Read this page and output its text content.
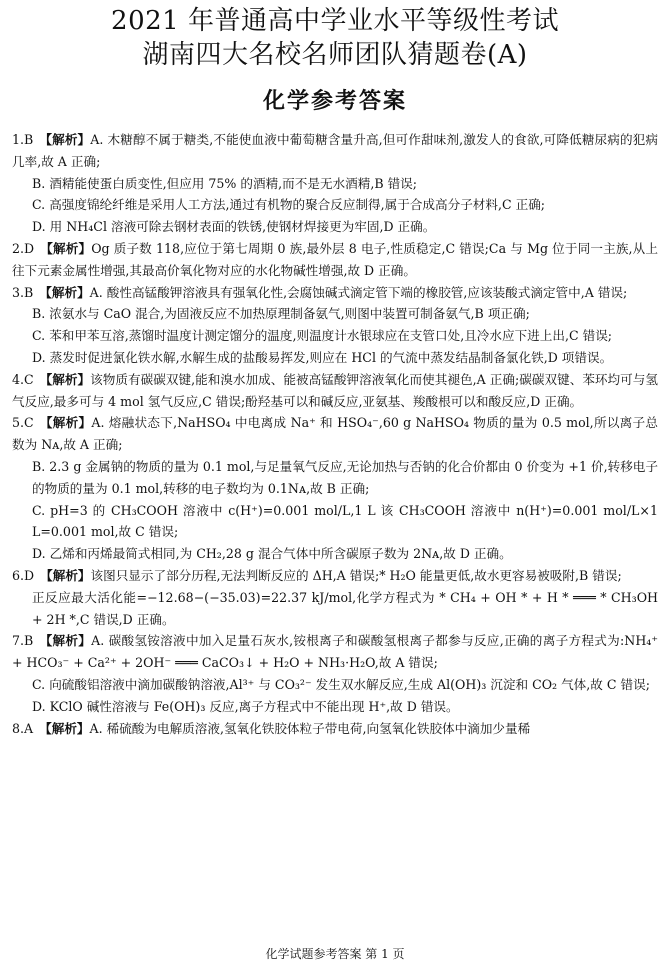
2021 年普通高中学业水平等级性考试
湖南四大名校名师团队猜题卷(A)
化学参考答案

1.B 【解析】A. 木糖醇不属于糖类,不能使血液中葡萄糖含量升高,但可作甜味剂,激发人的食欲,可降低糖尿病的犯病几率,故 A 正确;

B. 酒精能使蛋白质变性,但应用 75% 的酒精,而不是无水酒精,B 错误;

C. 高强度锦纶纤维是采用人工方法,通过有机物的聚合反应制得,属于合成高分子材料,C 正确;

D. 用 NH₄Cl 溶液可除去钢材表面的铁锈,使钢材焊接更为牢固,D 正确。

2.D 【解析】Og 质子数 118,应位于第七周期 0 族,最外层 8 电子,性质稳定,C 错误;Ca 与 Mg 位于同一主族,从上往下元素金属性增强,其最高价氧化物对应的水化物碱性增强,故 D 正确。

3.B 【解析】A. 酸性高锰酸钾溶液具有强氧化性,会腐蚀碱式滴定管下端的橡胶管,应该装酸式滴定管中,A 错误;

B. 浓氨水与 CaO 混合,为固液反应不加热原理制备氨气,则图中装置可制备氨气,B 项正确;

C. 苯和甲苯互溶,蒸馏时温度计测定馏分的温度,则温度计水银球应在支管口处,且冷水应下进上出,C 错误;

D. 蒸发时促进氯化铁水解,水解生成的盐酸易挥发,则应在 HCl 的气流中蒸发结晶制备氯化铁,D 项错误。

4.C 【解析】该物质有碳碳双键,能和溴水加成、能被高锰酸钾溶液氧化而使其褪色,A 正确;碳碳双键、苯环均可与氢气反应,最多可与 4 mol 氢气反应,C 错误;酚羟基可以和碱反应,亚氨基、羧酸根可以和酸反应,D 正确。

5.C 【解析】A. 熔融状态下,NaHSO₄ 中电离成 Na⁺ 和 HSO₄⁻,60 g NaHSO₄ 物质的量为 0.5 mol,所以离子总数为 Nᴀ,故 A 正确;

B. 2.3 g 金属钠的物质的量为 0.1 mol,与足量氧气反应,无论加热与否钠的化合价都由 0 价变为 +1 价,转移电子的物质的量为 0.1 mol,转移的电子数均为 0.1Nᴀ,故 B 正确;

C. pH=3 的 CH₃COOH 溶液中 c(H⁺)=0.001 mol/L,1 L 该 CH₃COOH 溶液中 n(H⁺)=0.001 mol/L×1 L=0.001 mol,故 C 错误;

D. 乙烯和丙烯最简式相同,为 CH₂,28 g 混合气体中所含碳原子数为 2Nᴀ,故 D 正确。

6.D 【解析】该图只显示了部分历程,无法判断反应的 ΔH,A 错误;* H₂O 能量更低,故水更容易被吸附,B 错误;

正反应最大活化能=−12.68−(−35.03)=22.37 kJ/mol,化学方程式为 * CH₄ + OH * + H * ═══ * CH₃OH + 2H *,C 错误,D 正确。

7.B 【解析】A. 碳酸氢铵溶液中加入足量石灰水,铵根离子和碳酸氢根离子都参与反应,正确的离子方程式为:NH₄⁺ + HCO₃⁻ + Ca²⁺ + 2OH⁻ ═══ CaCO₃↓ + H₂O + NH₃·H₂O,故 A 错误;

C. 向硫酸铝溶液中滴加碳酸钠溶液,Al³⁺ 与 CO₃²⁻ 发生双水解反应,生成 Al(OH)₃ 沉淀和 CO₂ 气体,故 C 错误;

D. KClO 碱性溶液与 Fe(OH)₃ 反应,离子方程式中不能出现 H⁺,故 D 错误。

8.A 【解析】A. 稀硫酸为电解质溶液,氢氧化铁胶体粒子带电荷,向氢氧化铁胶体中滴加少量稀

化学试题参考答案 第 1 页
